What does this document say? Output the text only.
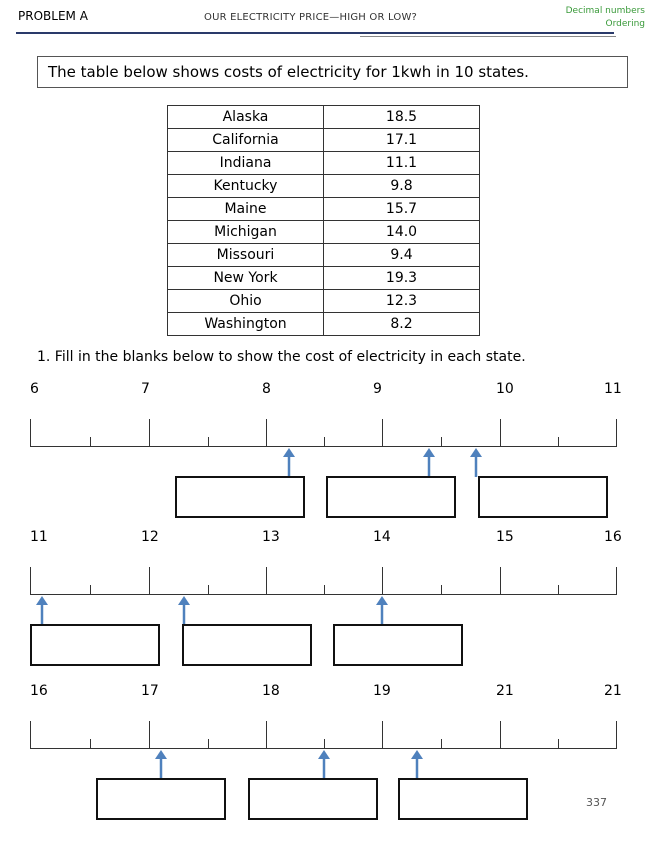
PROBLEM A	OUR ELECTRICITY PRICE—HIGH OR LOW?
Decimal numbers
Ordering
The table below shows costs of electricity for 1kwh in 10 states.
Alaska	18.5
California	17.1
Indiana	11.1
Kentucky	9.8
Maine	15.7
Michigan	14.0
Missouri	9.4
New York	19.3
Ohio	12.3
Washington	8.2
1. Fill in the blanks below to show the cost of electricity in each state.
6	7	8	9	10	11
11	12	13	14	15	16
16	17	18	19	21	21
337
